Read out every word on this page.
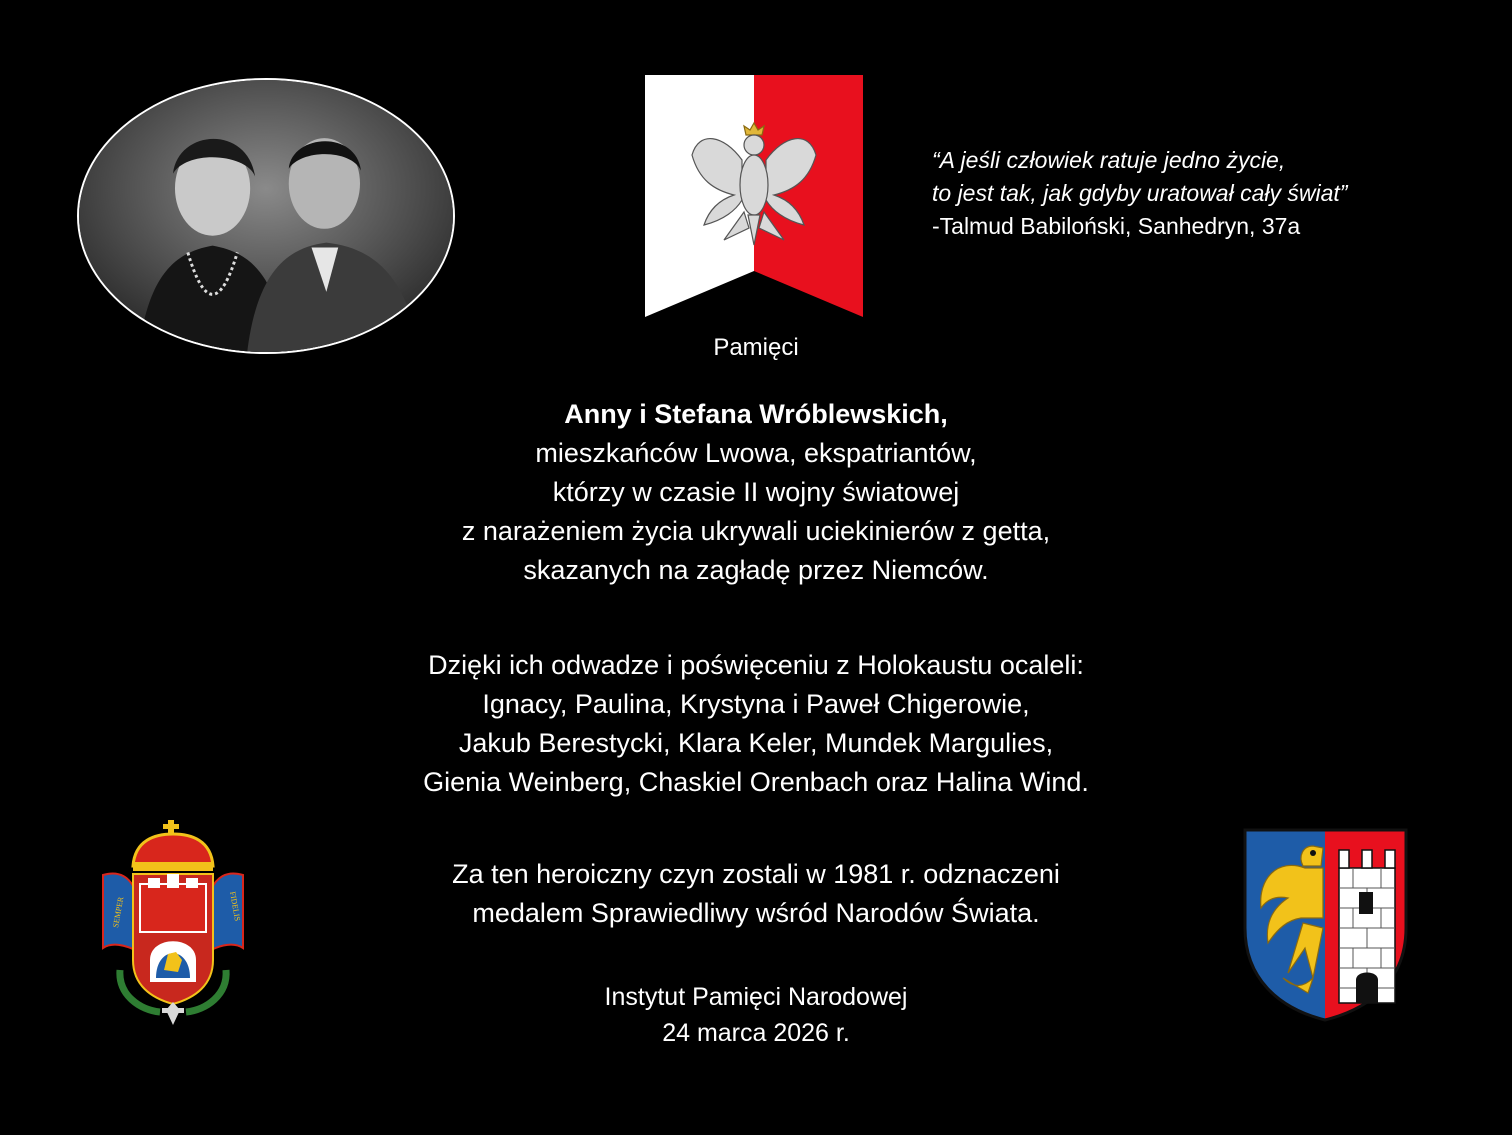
“A jeśli człowiek ratuje jedno życie,
to jest tak, jak gdyby uratował cały świat”
-Talmud Babiloński, Sanhedryn, 37a
Pamięci
Anny i Stefana Wróblewskich,
mieszkańców Lwowa, ekspatriantów,
którzy w czasie II wojny światowej
z narażeniem życia ukrywali uciekinierów z getta,
skazanych na zagładę przez Niemców.
Dzięki ich odwadze i poświęceniu z Holokaustu ocaleli:
Ignacy, Paulina, Krystyna i Paweł Chigerowie,
Jakub Berestycki, Klara Keler, Mundek Margulies,
Gienia Weinberg, Chaskiel Orenbach oraz Halina Wind.
Za ten heroiczny czyn zostali w 1981 r. odznaczeni
medalem Sprawiedliwy wśród Narodów Świata.
Instytut Pamięci Narodowej
24 marca 2026 r.
SEMPER	FIDELIS
